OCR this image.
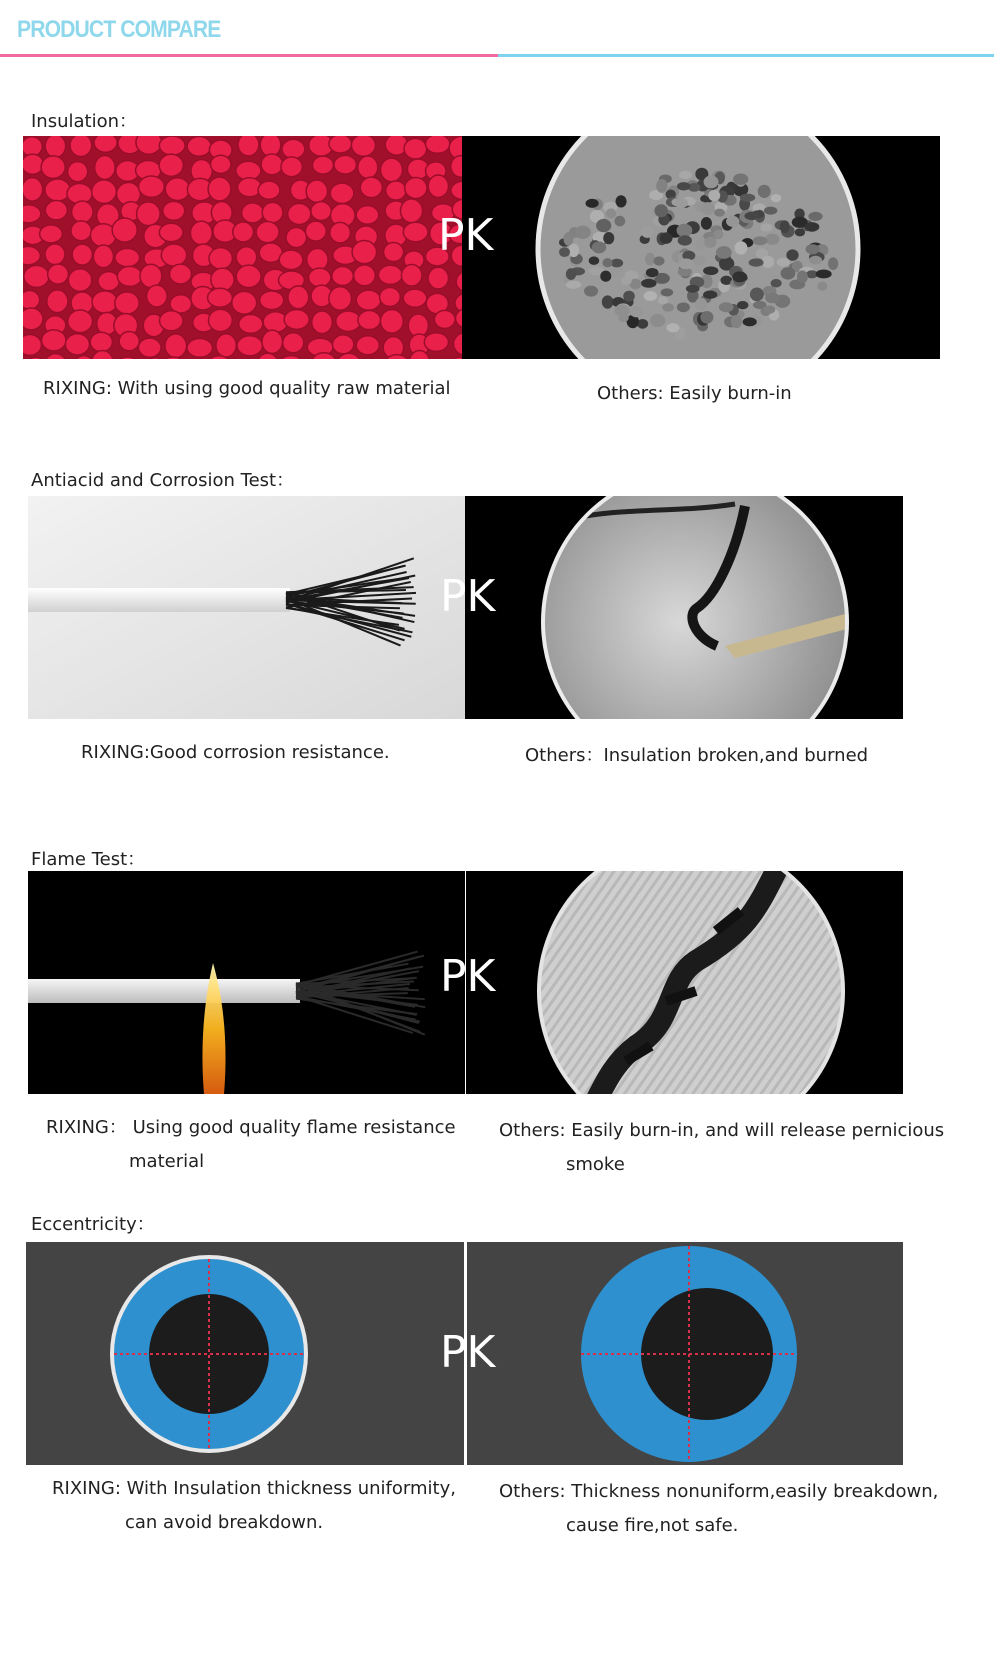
PRODUCT COMPARE
Insulation：
PK
RIXING: With using good quality raw material	Others: Easily burn-in
Antiacid and Corrosion Test：
PK
RIXING:Good corrosion resistance.	Others：Insulation broken,and burned
Flame Test：
PK
RIXING： Using good quality flame resistance
material
Others: Easily burn-in, and will release pernicious
smoke
Eccentricity：
PK
RIXING: With Insulation thickness uniformity,
can avoid breakdown.
Others: Thickness nonuniform,easily breakdown,
cause fire,not safe.
